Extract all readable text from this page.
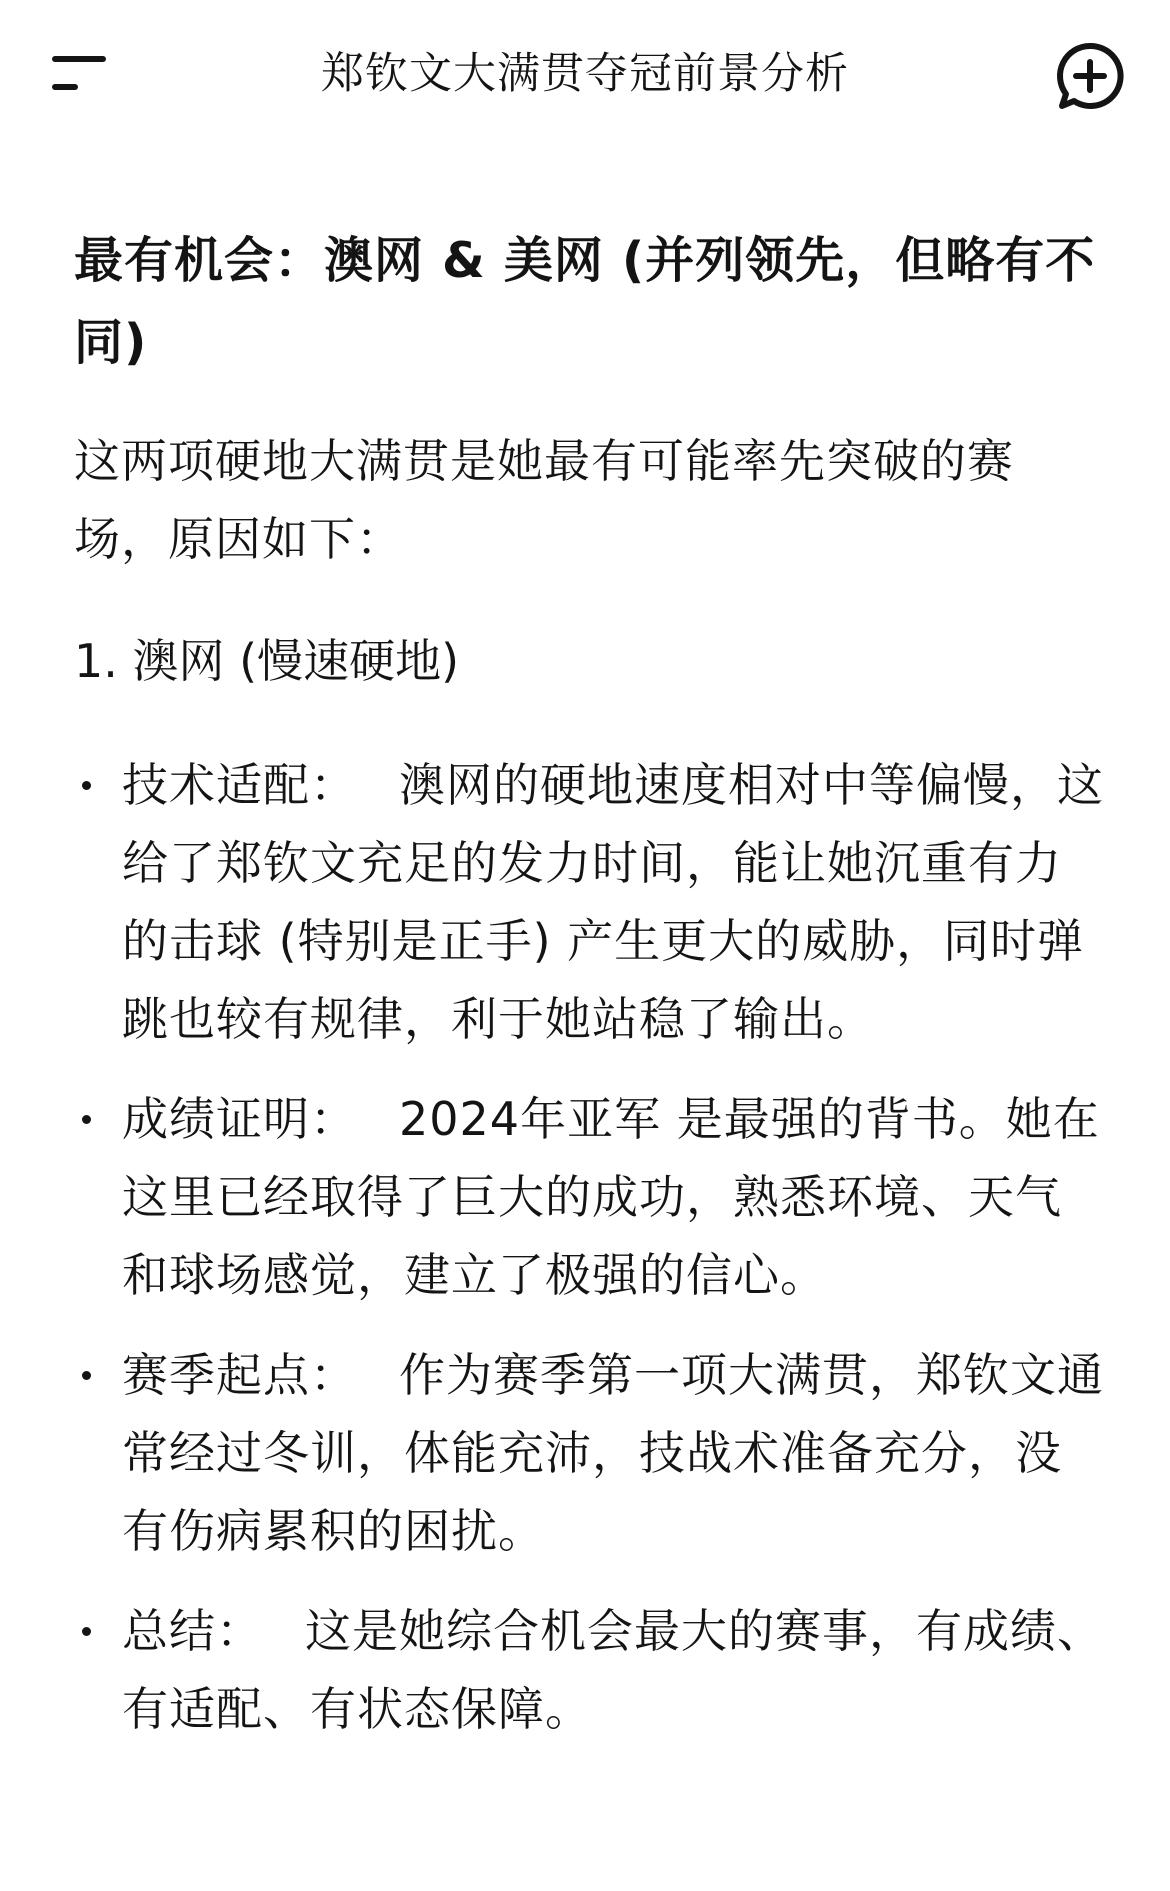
郑钦文大满贯夺冠前景分析
最有机会：澳网 & 美网 (并列领先，但略有不同)

这两项硬地大满贯是她最有可能率先突破的赛场，原因如下：

1. 澳网 (慢速硬地)

技术适配： 澳网的硬地速度相对中等偏慢，这给了郑钦文充足的发力时间，能让她沉重有力的击球 (特别是正手) 产生更大的威胁，同时弹跳也较有规律，利于她站稳了输出。
成绩证明： 2024年亚军 是最强的背书。她在这里已经取得了巨大的成功，熟悉环境、天气和球场感觉，建立了极强的信心。
赛季起点： 作为赛季第一项大满贯，郑钦文通常经过冬训，体能充沛，技战术准备充分，没有伤病累积的困扰。
总结： 这是她综合机会最大的赛事，有成绩、有适配、有状态保障。
